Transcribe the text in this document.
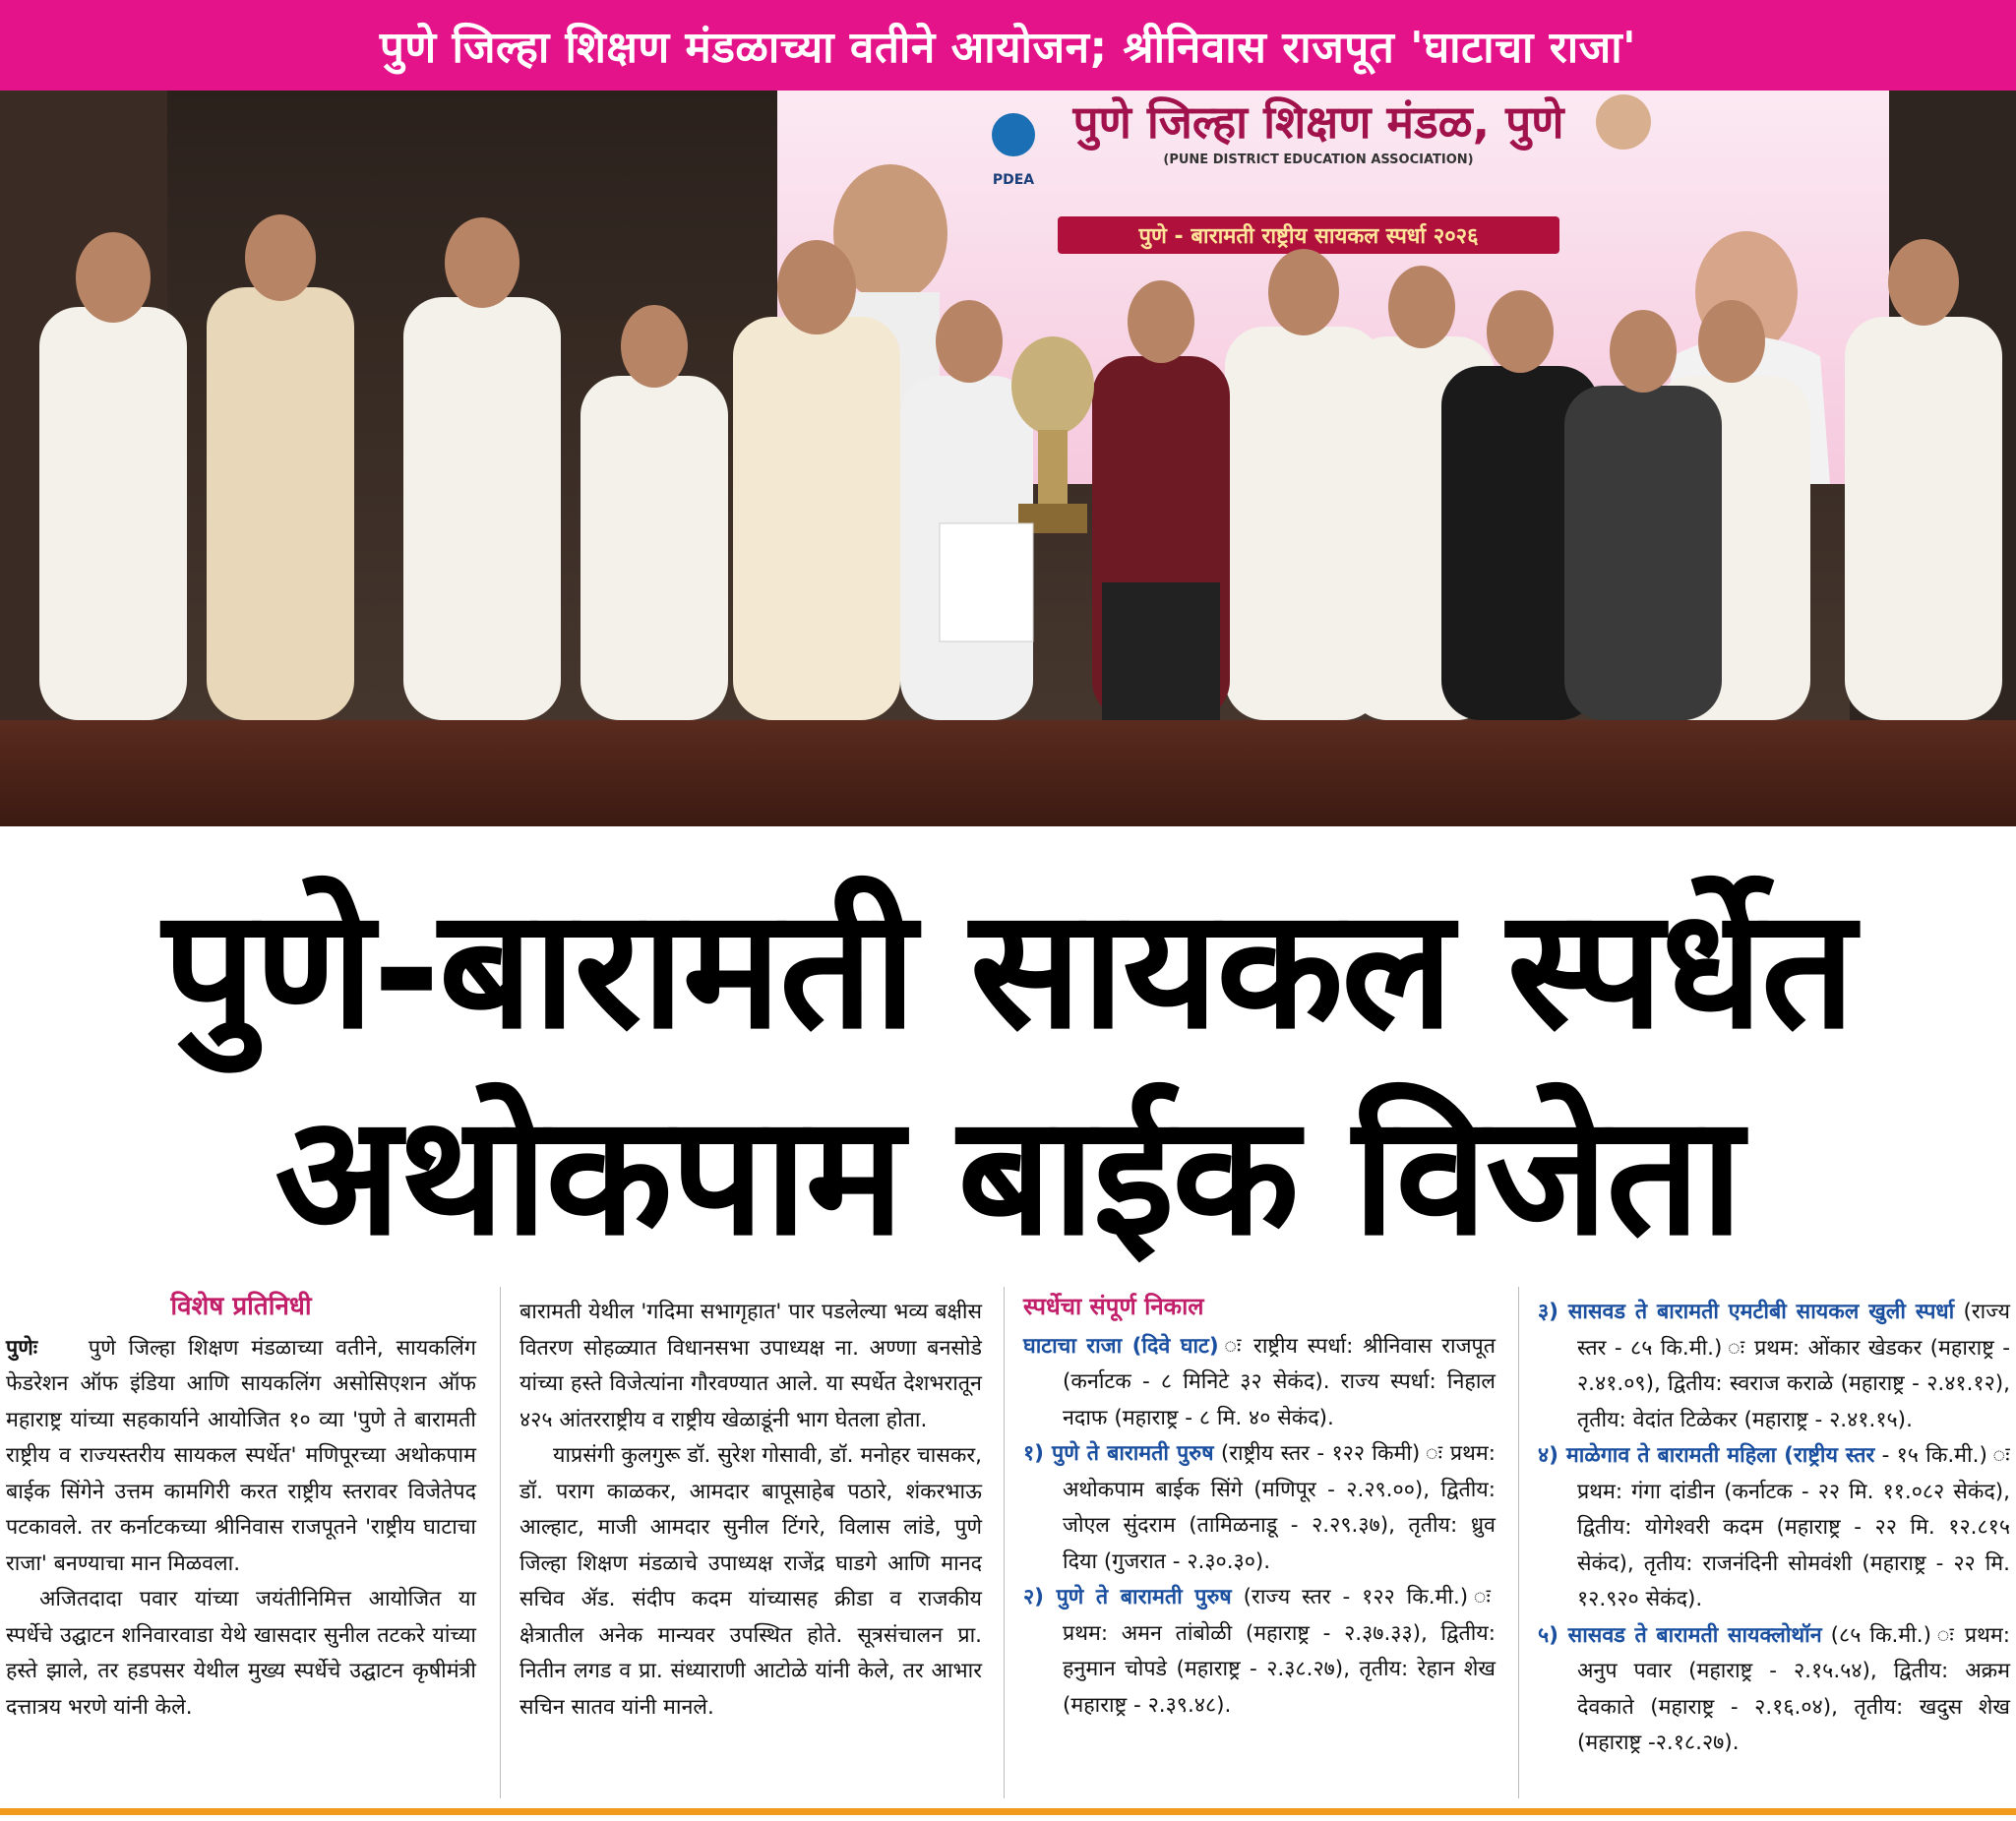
पुणे जिल्हा शिक्षण मंडळाच्या वतीने आयोजन; श्रीनिवास राजपूत 'घाटाचा राजा'
PDEA
पुणे जिल्हा शिक्षण मंडळ, पुणे
(PUNE DISTRICT EDUCATION ASSOCIATION)
पुणे - बारामती राष्ट्रीय सायकल स्पर्धा २०२६
पुणे-बारामती सायकल स्पर्धेत
अथोकपाम बाईक विजेता
विशेष प्रतिनिधी

पुणेः पुणे जिल्हा शिक्षण मंडळाच्या वतीने, सायकलिंग फेडरेशन ऑफ इंडिया आणि सायकलिंग असोसिएशन ऑफ महाराष्ट्र यांच्या सहकार्याने आयोजित १० व्या 'पुणे ते बारामती राष्ट्रीय व राज्यस्तरीय सायकल स्पर्धेत' मणिपूरच्या अथोकपाम बाईक सिंगेने उत्तम कामगिरी करत राष्ट्रीय स्तरावर विजेतेपद पटकावले. तर कर्नाटकच्या श्रीनिवास राजपूतने 'राष्ट्रीय घाटाचा राजा' बनण्याचा मान मिळवला.

अजितदादा पवार यांच्या जयंतीनिमित्त आयोजित या स्पर्धेचे उद्घाटन शनिवारवाडा येथे खासदार सुनील तटकरे यांच्या हस्ते झाले, तर हडपसर येथील मुख्य स्पर्धेचे उद्घाटन कृषीमंत्री दत्तात्रय भरणे यांनी केले.

बारामती येथील 'गदिमा सभागृहात' पार पडलेल्या भव्य बक्षीस वितरण सोहळ्यात विधानसभा उपाध्यक्ष ना. अण्णा बनसोडे यांच्या हस्ते विजेत्यांना गौरवण्यात आले. या स्पर्धेत देशभरातून ४२५ आंतरराष्ट्रीय व राष्ट्रीय खेळाडूंनी भाग घेतला होता.

याप्रसंगी कुलगुरू डॉ. सुरेश गोसावी, डॉ. मनोहर चासकर, डॉ. पराग काळकर, आमदार बापूसाहेब पठारे, शंकरभाऊ आल्हाट, माजी आमदार सुनील टिंगरे, विलास लांडे, पुणे जिल्हा शिक्षण मंडळाचे उपाध्यक्ष राजेंद्र घाडगे आणि मानद सचिव ॲड. संदीप कदम यांच्यासह क्रीडा व राजकीय क्षेत्रातील अनेक मान्यवर उपस्थित होते. सूत्रसंचालन प्रा. नितीन लगड व प्रा. संध्याराणी आटोळे यांनी केले, तर आभार सचिन सातव यांनी मानले.

स्पर्धेचा संपूर्ण निकाल

घाटाचा राजा (दिवे घाट) ः राष्ट्रीय स्पर्धा: श्रीनिवास राजपूत (कर्नाटक - ८ मिनिटे ३२ सेकंद). राज्य स्पर्धा: निहाल नदाफ (महाराष्ट्र - ८ मि. ४० सेकंद).

१) पुणे ते बारामती पुरुष (राष्ट्रीय स्तर - १२२ किमी) ः प्रथम: अथोकपाम बाईक सिंगे (मणिपूर - २.२९.००), द्वितीय: जोएल सुंदराम (तामिळनाडू - २.२९.३७), तृतीय: ध्रुव दिया (गुजरात - २.३०.३०).

२) पुणे ते बारामती पुरुष (राज्य स्तर - १२२ कि.मी.) ः प्रथम: अमन तांबोळी (महाराष्ट्र - २.३७.३३), द्वितीय: हनुमान चोपडे (महाराष्ट्र - २.३८.२७), तृतीय: रेहान शेख (महाराष्ट्र - २.३९.४८).

३) सासवड ते बारामती एमटीबी सायकल खुली स्पर्धा (राज्य स्तर - ८५ कि.मी.) ः प्रथम: ओंकार खेडकर (महाराष्ट्र - २.४१.०९), द्वितीय: स्वराज कराळे (महाराष्ट्र - २.४१.१२), तृतीय: वेदांत टिळेकर (महाराष्ट्र - २.४१.१५).

४) माळेगाव ते बारामती महिला (राष्ट्रीय स्तर - १५ कि.मी.) ः प्रथम: गंगा दांडीन (कर्नाटक - २२ मि. ११.०८२ सेकंद), द्वितीय: योगेश्वरी कदम (महाराष्ट्र - २२ मि. १२.८१५ सेकंद), तृतीय: राजनंदिनी सोमवंशी (महाराष्ट्र - २२ मि. १२.९२० सेकंद).

५) सासवड ते बारामती सायक्लोथॉन (८५ कि.मी.) ः प्रथम: अनुप पवार (महाराष्ट्र - २.१५.५४), द्वितीय: अक्रम देवकाते (महाराष्ट्र - २.१६.०४), तृतीय: खदुस शेख (महाराष्ट्र -२.१८.२७).
